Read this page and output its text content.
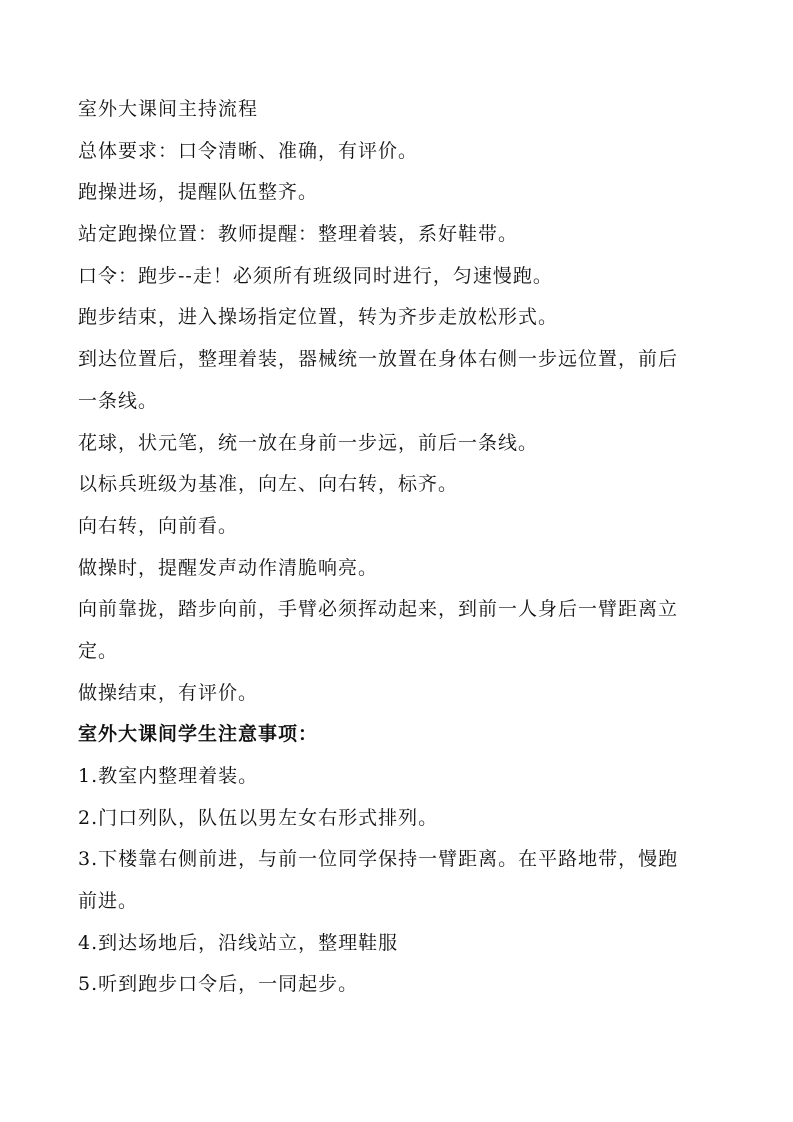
室外大课间主持流程
总体要求：口令清晰、准确，有评价。
跑操进场，提醒队伍整齐。
站定跑操位置：教师提醒：整理着装，系好鞋带。
口令：跑步--走！必须所有班级同时进行，匀速慢跑。
跑步结束，进入操场指定位置，转为齐步走放松形式。
到达位置后，整理着装，器械统一放置在身体右侧一步远位置，前后
一条线。
花球，状元笔，统一放在身前一步远，前后一条线。
以标兵班级为基准，向左、向右转，标齐。
向右转，向前看。
做操时，提醒发声动作清脆响亮。
向前靠拢，踏步向前，手臂必须挥动起来，到前一人身后一臂距离立
定。
做操结束，有评价。
室外大课间学生注意事项：
1.教室内整理着装。
2.门口列队，队伍以男左女右形式排列。
3.下楼靠右侧前进，与前一位同学保持一臂距离。在平路地带，慢跑
前进。
4.到达场地后，沿线站立，整理鞋服
5.听到跑步口令后，一同起步。
